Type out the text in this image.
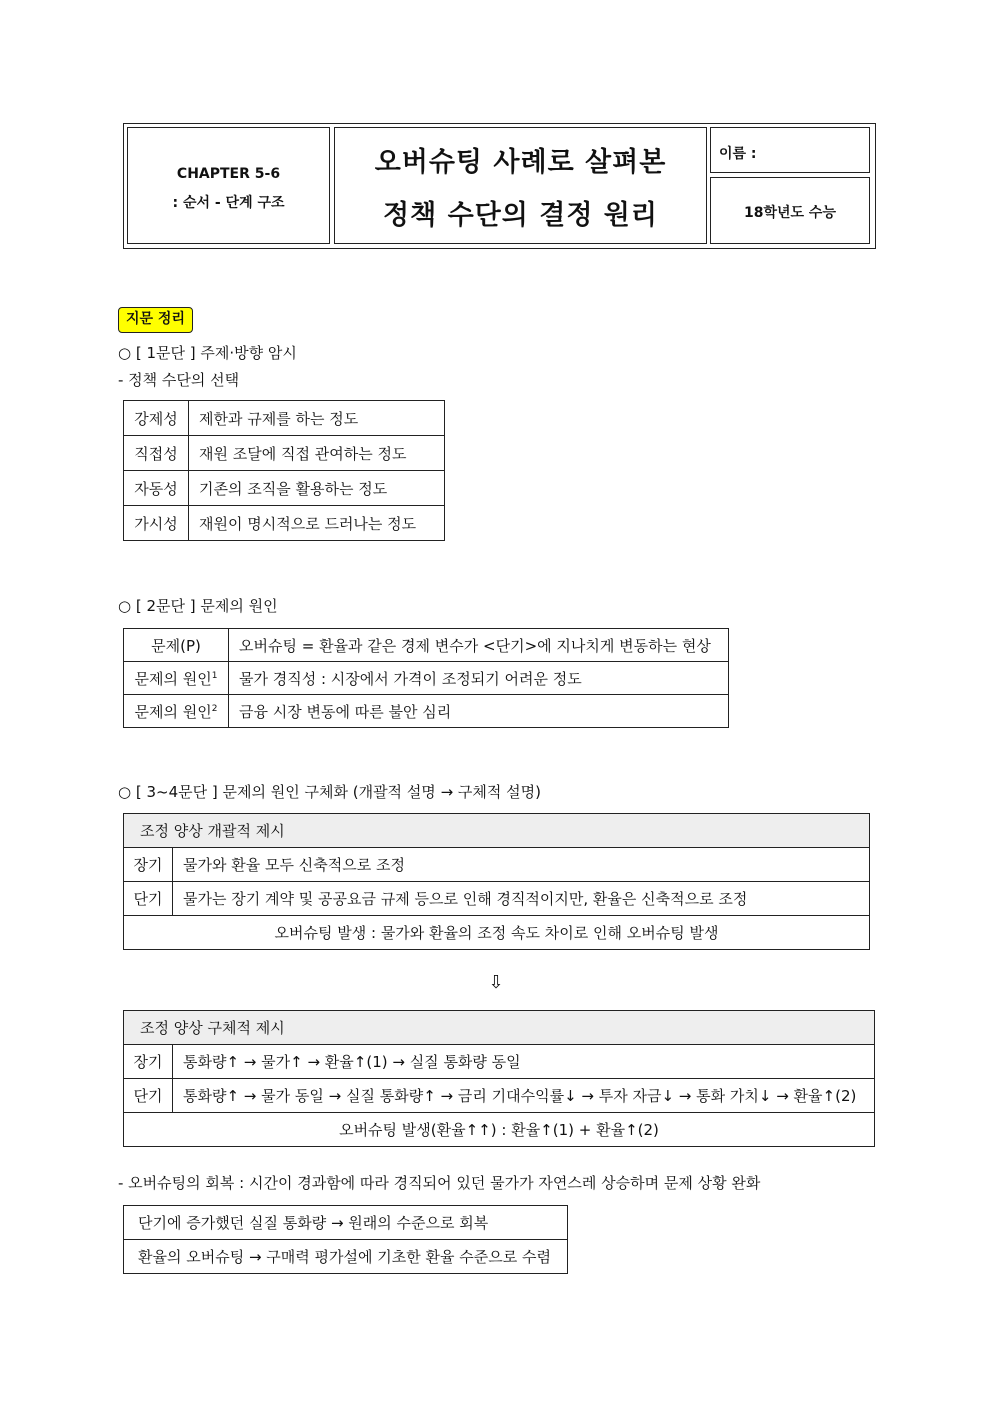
CHAPTER 5-6
: 순서 - 단계 구조
오버슈팅 사례로 살펴본
정책 수단의 결정 원리
이름 :
18학년도 수능
지문 정리
○ [ 1문단 ] 주제·방향 암시
- 정책 수단의 선택
강제성	제한과 규제를 하는 정도
직접성	재원 조달에 직접 관여하는 정도
자동성	기존의 조직을 활용하는 정도
가시성	재원이 명시적으로 드러나는 정도
○ [ 2문단 ] 문제의 원인
문제(P)	오버슈팅 = 환율과 같은 경제 변수가 <단기>에 지나치게 변동하는 현상
문제의 원인$^1$	물가 경직성 : 시장에서 가격이 조정되기 어려운 정도
문제의 원인$^2$	금융 시장 변동에 따른 불안 심리
○ [ 3~4문단 ] 문제의 원인 구체화 (개괄적 설명 → 구체적 설명)
조정 양상 개괄적 제시	
장기	물가와 환율 모두 신축적으로 조정
단기	물가는 장기 계약 및 공공요금 규제 등으로 인해 경직적이지만, 환율은 신축적으로 조정
오버슈팅 발생 : 물가와 환율의 조정 속도 차이로 인해 오버슈팅 발생	
⇩
조정 양상 구체적 제시	
장기	통화량↑ → 물가↑ → 환율↑(1) → 실질 통화량 동일
단기	통화량↑ → 물가 동일 → 실질 통화량↑ → 금리 기대수익률↓ → 투자 자금↓ → 통화 가치↓ → 환율↑(2)
오버슈팅 발생(환율↑↑) : 환율↑(1) + 환율↑(2)	
- 오버슈팅의 회복 : 시간이 경과함에 따라 경직되어 있던 물가가 자연스레 상승하며 문제 상황 완화
단기에 증가했던 실질 통화량 → 원래의 수준으로 회복
환율의 오버슈팅 → 구매력 평가설에 기초한 환율 수준으로 수렴
